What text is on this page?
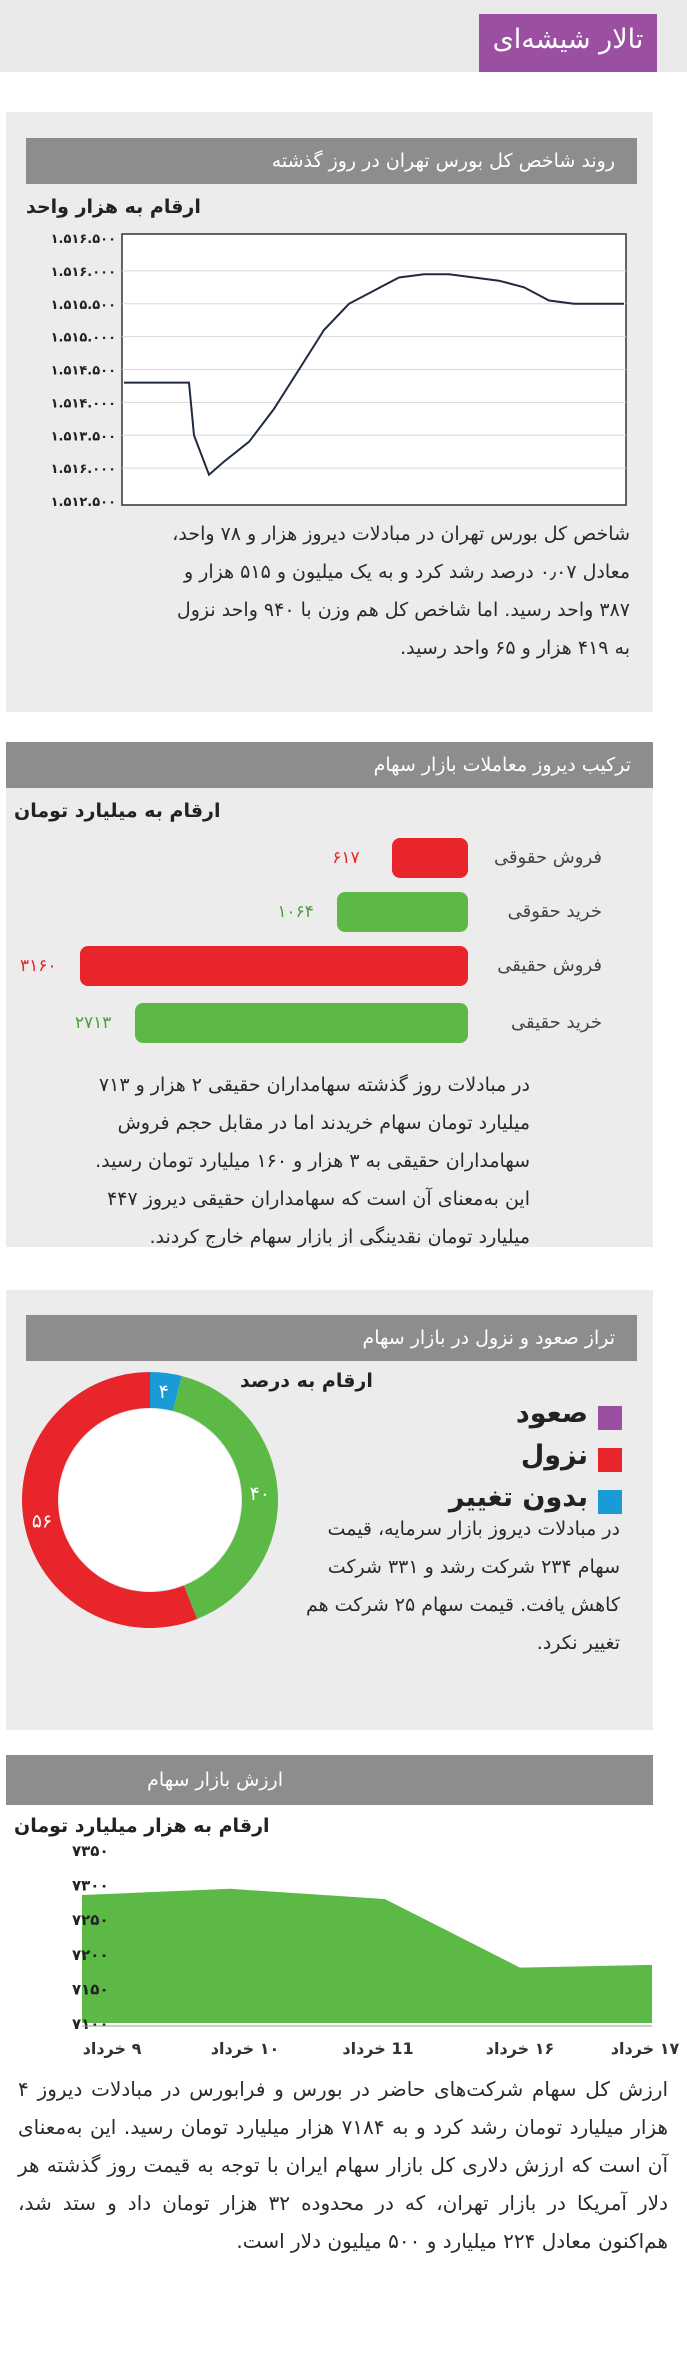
تالار شیشه‌ای
روند شاخص کل بورس تهران در روز گذشته
ارقام به هزار واحد
۱.۵۱۶.۵۰۰
۱.۵۱۶.۰۰۰
۱.۵۱۵.۵۰۰
۱.۵۱۵.۰۰۰
۱.۵۱۴.۵۰۰
۱.۵۱۴.۰۰۰
۱.۵۱۳.۵۰۰
۱.۵۱۶.۰۰۰
۱.۵۱۲.۵۰۰
شاخص کل بورس تهران در مبادلات دیروز هزار و ۷۸ واحد، معادل ۰٫۰۷ درصد رشد کرد و به یک میلیون و ۵۱۵ هزار و ۳۸۷ واحد رسید. اما شاخص کل هم وزن با ۹۴۰ واحد نزول به ۴۱۹ هزار و ۶۵ واحد رسید.
ترکیب دیروز معاملات بازار سهام
ارقام به میلیارد تومان
فروش حقوقی
۶۱۷
خرید حقوقی
۱۰۶۴
فروش حقیقی
۳۱۶۰
خرید حقیقی
۲۷۱۳
در مبادلات روز گذشته سهامداران حقیقی ۲ هزار و ۷۱۳ میلیارد تومان سهام خریدند اما در مقابل حجم فروش سهامداران حقیقی به ۳ هزار و ۱۶۰ میلیارد تومان رسید. این به‌معنای آن است که سهامداران حقیقی دیروز ۴۴۷ میلیارد تومان نقدینگی از بازار سهام خارج کردند.
تراز صعود و نزول در بازار سهام
ارقام به درصد
۴
۴۰
۵۶
صعود
نزول
بدون تغییر
در مبادلات دیروز بازار سرمایه، قیمت سهام ۲۳۴ شرکت رشد و ۳۳۱ شرکت کاهش یافت. قیمت سهام ۲۵ شرکت هم تغییر نکرد.
ارزش بازار سهام
ارقام به هزار میلیارد تومان
۷۱۰۰
۷۱۵۰
۷۲۰۰
۷۲۵۰
۷۳۰۰
۷۳۵۰
۹ خرداد	۱۰ خرداد	11 خرداد	۱۶ خرداد	۱۷ خرداد
ارزش کل سهام شرکت‌های حاضر در بورس و فرابورس در مبادلات دیروز ۴ هزار میلیارد تومان رشد کرد و به ۷۱۸۴ هزار میلیارد تومان رسید. این به‌معنای آن است که ارزش دلاری کل بازار سهام ایران با توجه به قیمت روز گذشته هر دلار آمریکا در بازار تهران، که در محدوده ۳۲ هزار تومان داد و ستد شد، هم‌اکنون معادل ۲۲۴ میلیارد و ۵۰۰ میلیون دلار است.
